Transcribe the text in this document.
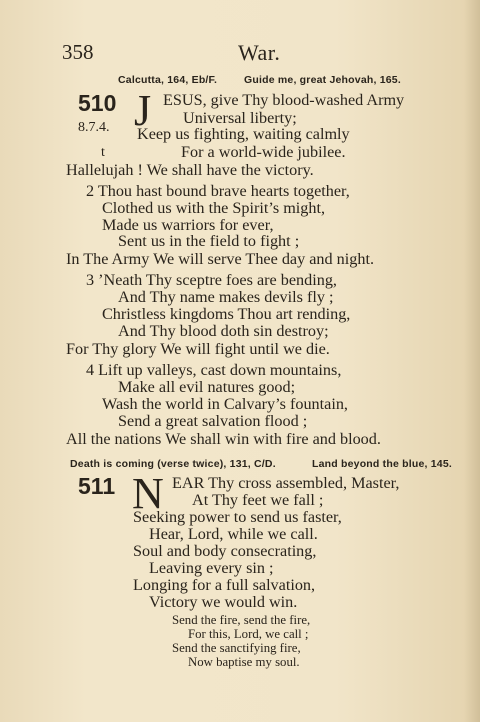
358	War.
Calcutta, 164, Eb/F.	Guide me, great Jehovah, 165.
510 J
8.7.4.
t
ESUS, give Thy blood-washed Army
Universal liberty;
Keep us fighting, waiting calmly
For a world-wide jubilee.
Hallelujah ! We shall have the victory.
2 Thou hast bound brave hearts together,
Clothed us with the Spirit’s might,
Made us warriors for ever,
Sent us in the field to fight ;
In The Army We will serve Thee day and night.
3 ’Neath Thy sceptre foes are bending,
And Thy name makes devils fly ;
Christless kingdoms Thou art rending,
And Thy blood doth sin destroy;
For Thy glory We will fight until we die.
4 Lift up valleys, cast down mountains,
Make all evil natures good;
Wash the world in Calvary’s fountain,
Send a great salvation flood ;
All the nations We shall win with fire and blood.
Death is coming (verse twice), 131, C/D.	Land beyond the blue, 145.
511 N EAR Thy cross assembled, Master,
At Thy feet we fall ;
Seeking power to send us faster,
Hear, Lord, while we call.
Soul and body consecrating,
Leaving every sin ;
Longing for a full salvation,
Victory we would win.
Send the fire, send the fire,
For this, Lord, we call ;
Send the sanctifying fire,
Now baptise my soul.
